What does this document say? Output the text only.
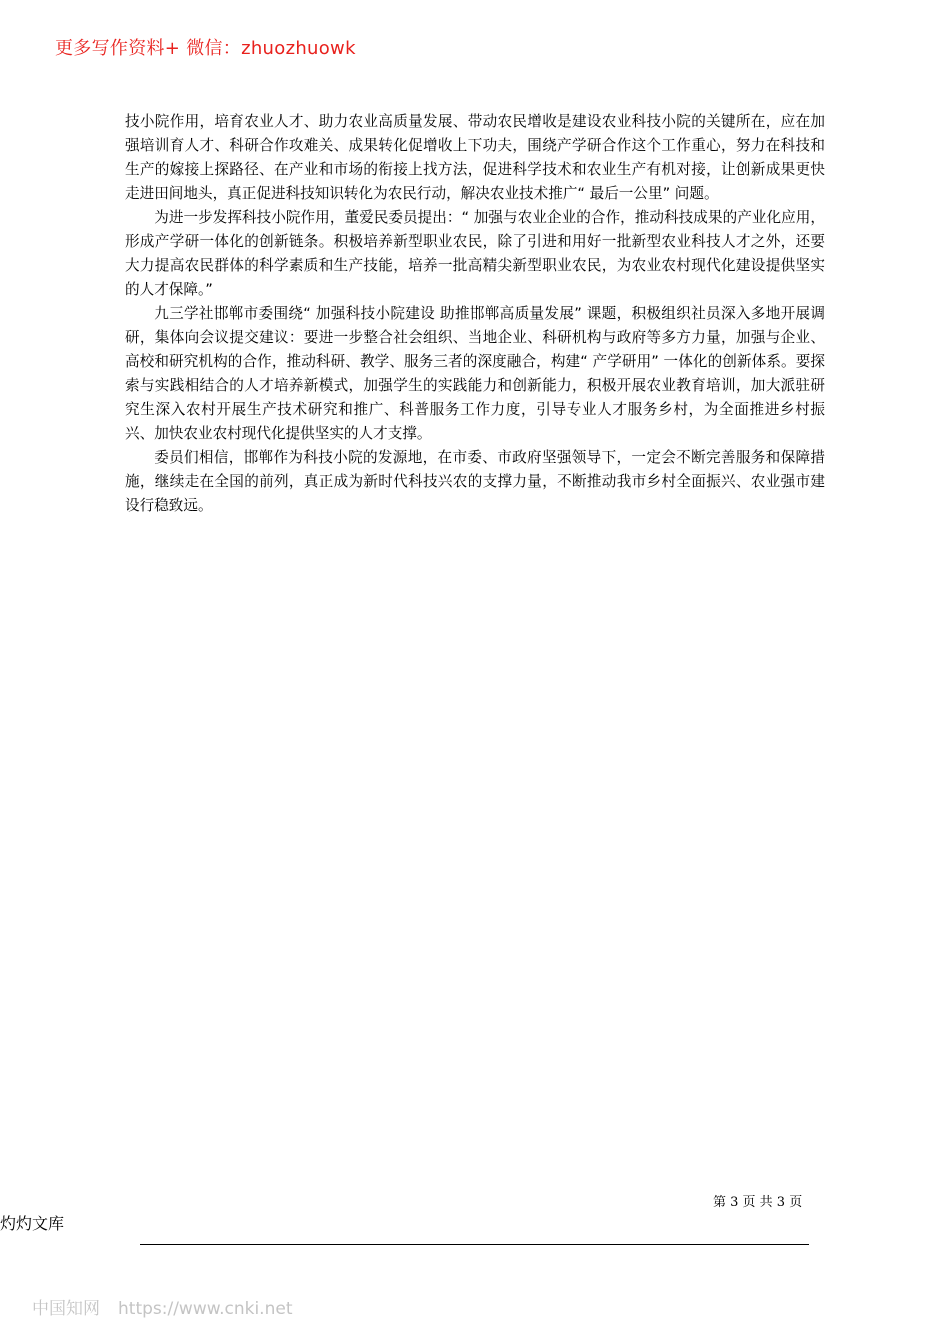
更多写作资料+ 微信：zhuozhuowk

技小院作用，培育农业人才、助力农业高质量发展、带动农民增收是建设农业科技小院的关键所在，应在加强培训育人才、科研合作攻难关、成果转化促增收上下功夫，围绕产学研合作这个工作重心，努力在科技和生产的嫁接上探路径、在产业和市场的衔接上找方法，促进科学技术和农业生产有机对接，让创新成果更快走进田间地头，真正促进科技知识转化为农民行动，解决农业技术推广“ 最后一公里” 问题。

为进一步发挥科技小院作用，董爱民委员提出：“ 加强与农业企业的合作，推动科技成果的产业化应用，形成产学研一体化的创新链条。积极培养新型职业农民，除了引进和用好一批新型农业科技人才之外，还要大力提高农民群体的科学素质和生产技能，培养一批高精尖新型职业农民，为农业农村现代化建设提供坚实的人才保障。”

九三学社邯郸市委围绕“ 加强科技小院建设 助推邯郸高质量发展” 课题，积极组织社员深入多地开展调研，集体向会议提交建议：要进一步整合社会组织、当地企业、科研机构与政府等多方力量，加强与企业、高校和研究机构的合作，推动科研、教学、服务三者的深度融合，构建“ 产学研用” 一体化的创新体系。要探索与实践相结合的人才培养新模式，加强学生的实践能力和创新能力，积极开展农业教育培训，加大派驻研究生深入农村开展生产技术研究和推广、科普服务工作力度，引导专业人才服务乡村，为全面推进乡村振兴、加快农业农村现代化提供坚实的人才支撑。

委员们相信，邯郸作为科技小院的发源地，在市委、市政府坚强领导下，一定会不断完善服务和保障措施，继续走在全国的前列，真正成为新时代科技兴农的支撑力量，不断推动我市乡村全面振兴、农业强市建设行稳致远。

第 3 页 共 3 页
灼灼文库
中国知网 https://www.cnki.net
